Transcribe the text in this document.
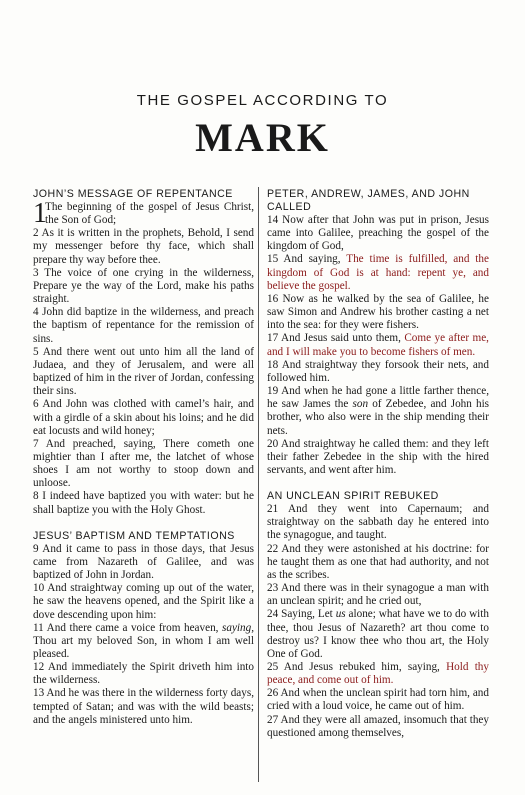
THE GOSPEL ACCORDING TO
MARK

JOHN’S MESSAGE OF REPENTANCE

1
The beginning of the gospel of Jesus Christ, the Son of God;

2 As it is written in the prophets, Behold, I send my messenger before thy face, which shall prepare thy way before thee.

3 The voice of one crying in the wilderness, Prepare ye the way of the Lord, make his paths straight.

4 John did baptize in the wilderness, and preach the baptism of repentance for the remission of sins.

5 And there went out unto him all the land of Judaea, and they of Jerusalem, and were all baptized of him in the river of Jordan, confessing their sins.

6 And John was clothed with camel’s hair, and with a girdle of a skin about his loins; and he did eat locusts and wild honey;

7 And preached, saying, There cometh one mightier than I after me, the latchet of whose shoes I am not worthy to stoop down and unloose.

8 I indeed have baptized you with water: but he shall baptize you with the Holy Ghost.

JESUS’ BAPTISM AND TEMPTATIONS

9 And it came to pass in those days, that Jesus came from Nazareth of Galilee, and was baptized of John in Jordan.

10 And straightway coming up out of the water, he saw the heavens opened, and the Spirit like a dove descending upon him:

11 And there came a voice from heaven, saying, Thou art my beloved Son, in whom I am well pleased.

12 And immediately the Spirit driveth him into the wilderness.

13 And he was there in the wilderness forty days, tempted of Satan; and was with the wild beasts; and the angels ministered unto him.

PETER, ANDREW, JAMES, AND JOHN CALLED

14 Now after that John was put in prison, Jesus came into Galilee, preaching the gospel of the kingdom of God,

15 And saying, The time is fulfilled, and the kingdom of God is at hand: repent ye, and believe the gospel.

16 Now as he walked by the sea of Galilee, he saw Simon and Andrew his brother casting a net into the sea: for they were fishers.

17 And Jesus said unto them, Come ye after me, and I will make you to become fishers of men.

18 And straightway they forsook their nets, and followed him.

19 And when he had gone a little farther thence, he saw James the son of Zebedee, and John his brother, who also were in the ship mending their nets.

20 And straightway he called them: and they left their father Zebedee in the ship with the hired servants, and went after him.

AN UNCLEAN SPIRIT REBUKED

21 And they went into Capernaum; and straightway on the sabbath day he entered into the synagogue, and taught.

22 And they were astonished at his doctrine: for he taught them as one that had authority, and not as the scribes.

23 And there was in their synagogue a man with an unclean spirit; and he cried out,

24 Saying, Let us alone; what have we to do with thee, thou Jesus of Nazareth? art thou come to destroy us? I know thee who thou art, the Holy One of God.

25 And Jesus rebuked him, saying, Hold thy peace, and come out of him.

26 And when the unclean spirit had torn him, and cried with a loud voice, he came out of him.

27 And they were all amazed, insomuch that they questioned among themselves,
